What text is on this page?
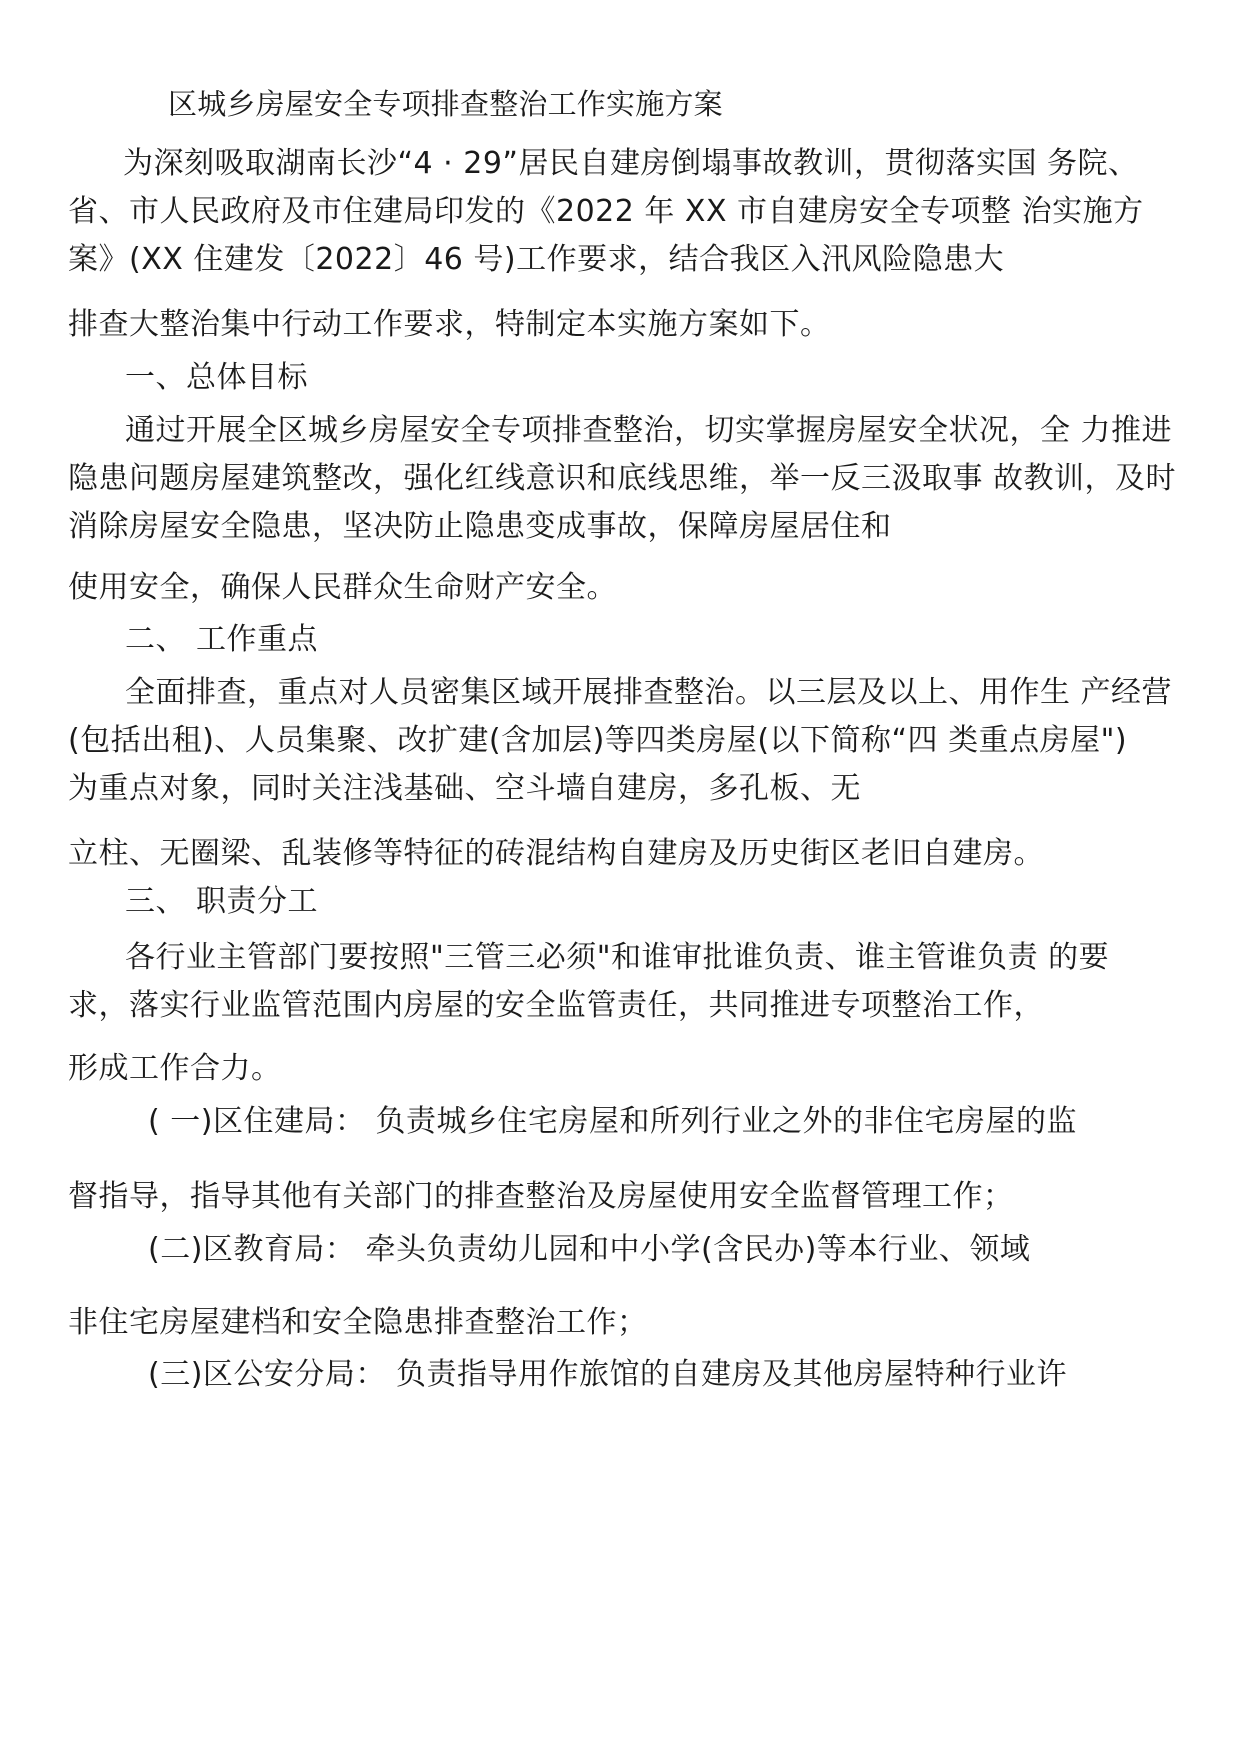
区城乡房屋安全专项排查整治工作实施方案
为深刻吸取湖南长沙“4 · 29”居民自建房倒塌事故教训，贯彻落实国 务院、
省、市人民政府及市住建局印发的《2022 年 XX 市自建房安全专项整 治实施方
案》(XX 住建发〔2022〕46 号)工作要求，结合我区入汛风险隐患大
排查大整治集中行动工作要求，特制定本实施方案如下。
一、总体目标
通过开展全区城乡房屋安全专项排查整治，切实掌握房屋安全状况，全 力推进
隐患问题房屋建筑整改，强化红线意识和底线思维，举一反三汲取事 故教训，及时
消除房屋安全隐患，坚决防止隐患变成事故，保障房屋居住和
使用安全，确保人民群众生命财产安全。
二、 工作重点
全面排查，重点对人员密集区域开展排查整治。以三层及以上、用作生 产经营
(包括出租)、人员集聚、改扩建(含加层)等四类房屋(以下简称“四 类重点房屋")
为重点对象，同时关注浅基础、空斗墙自建房，多孔板、无
立柱、无圈梁、乱装修等特征的砖混结构自建房及历史街区老旧自建房。
三、 职责分工
各行业主管部门要按照"三管三必须"和谁审批谁负责、谁主管谁负责 的要
求，落实行业监管范围内房屋的安全监管责任，共同推进专项整治工作，
形成工作合力。
( 一)区住建局： 负责城乡住宅房屋和所列行业之外的非住宅房屋的监
督指导，指导其他有关部门的排查整治及房屋使用安全监督管理工作；
(二)区教育局： 牵头负责幼儿园和中小学(含民办)等本行业、领域
非住宅房屋建档和安全隐患排查整治工作；
(三)区公安分局： 负责指导用作旅馆的自建房及其他房屋特种行业许
